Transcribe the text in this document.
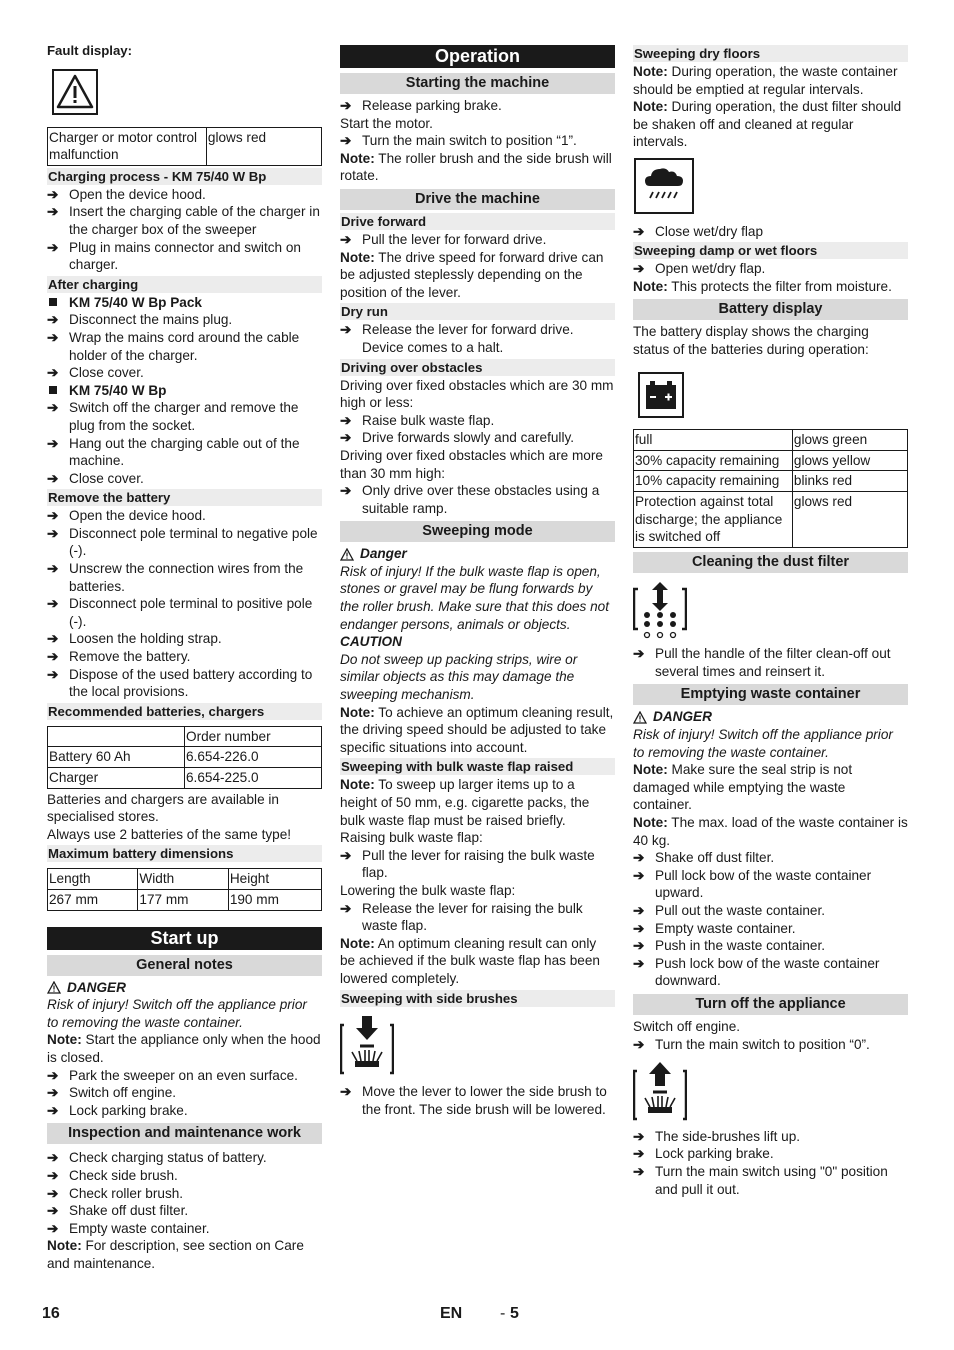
Fault display:

Charger or motor control malfunction	glows red
Charging process - KM 75/40 W Bp
➔ Open the device hood.
➔ Insert the charging cable of the charger in the charger box of the sweeper
➔ Plug in mains connector and switch on charger.
After charging
KM 75/40 W Bp Pack
➔ Disconnect the mains plug.
➔ Wrap the mains cord around the cable holder of the charger.
➔ Close cover.
KM 75/40 W Bp
➔ Switch off the charger and remove the plug from the socket.
➔ Hang out the charging cable out of the machine.
➔ Close cover.
Remove the battery
➔ Open the device hood.
➔ Disconnect pole terminal to negative pole (-).
➔ Unscrew the connection wires from the batteries.
➔ Disconnect pole terminal to positive pole (-).
➔ Loosen the holding strap.
➔ Remove the battery.
➔ Dispose of the used battery according to the local provisions.
Recommended batteries, chargers
	Order number
Battery 60 Ah	6.654-226.0
Charger	6.654-225.0

Batteries and chargers are available in specialised stores.

Always use 2 batteries of the same type!

Maximum battery dimensions
Length	Width	Height
267 mm	177 mm	190 mm
Start up
General notes
DANGER

Risk of injury! Switch off the appliance prior to removing the waste container.

Note: Start the appliance only when the hood is closed.

➔ Park the sweeper on an even surface.
➔ Switch off engine.
➔ Lock parking brake.
Inspection and maintenance work
➔ Check charging status of battery.
➔ Check side brush.
➔ Check roller brush.
➔ Shake off dust filter.
➔ Empty waste container.

Note: For description, see section on Care and maintenance.

Operation
Starting the machine
➔ Release parking brake.

Start the motor.

➔ Turn the main switch to position “1”.

Note: The roller brush and the side brush will rotate.

Drive the machine
Drive forward
➔ Pull the lever for forward drive.

Note: The drive speed for forward drive can be adjusted steplessly depending on the position of the lever.

Dry run
➔ Release the lever for forward drive. Device comes to a halt.
Driving over obstacles

Driving over fixed obstacles which are 30 mm high or less:

➔ Raise bulk waste flap.
➔ Drive forwards slowly and carefully.

Driving over fixed obstacles which are more than 30 mm high:

➔ Only drive over these obstacles using a suitable ramp.
Sweeping mode
Danger

Risk of injury! If the bulk waste flap is open, stones or gravel may be flung forwards by the roller brush. Make sure that this does not endanger persons, animals or objects.

CAUTION

Do not sweep up packing strips, wire or similar objects as this may damage the sweeping mechanism.

Note: To achieve an optimum cleaning result, the driving speed should be adjusted to take specific situations into account.

Sweeping with bulk waste flap raised

Note: To sweep up larger items up to a height of 50 mm, e.g. cigarette packs, the bulk waste flap must be raised briefly.

Raising bulk waste flap:

➔ Pull the lever for raising the bulk waste flap.

Lowering the bulk waste flap:

➔ Release the lever for raising the bulk waste flap.

Note: An optimum cleaning result can only be achieved if the bulk waste flap has been lowered completely.

Sweeping with side brushes
➔ Move the lever to lower the side brush to the front. The side brush will be lowered.
Sweeping dry floors

Note: During operation, the waste container should be emptied at regular intervals.

Note: During operation, the dust filter should be shaken off and cleaned at regular intervals.

➔ Close wet/dry flap
Sweeping damp or wet floors
➔ Open wet/dry flap.

Note: This protects the filter from moisture.

Battery display

The battery display shows the charging status of the batteries during operation:

full	glows green
30% capacity remaining	glows yellow
10% capacity remaining	blinks red
Protection against total discharge; the appliance is switched off	glows red
Cleaning the dust filter
➔ Pull the handle of the filter clean-off out several times and reinsert it.
Emptying waste container
DANGER

Risk of injury! Switch off the appliance prior to removing the waste container.

Note: Make sure the seal strip is not damaged while emptying the waste container.

Note: The max. load of the waste container is 40 kg.

➔ Shake off dust filter.
➔ Pull lock bow of the waste container upward.
➔ Pull out the waste container.
➔ Empty waste container.
➔ Push in the waste container.
➔ Push lock bow of the waste container downward.
Turn off the appliance

Switch off engine.

➔ Turn the main switch to position “0”.
➔ The side-brushes lift up.
➔ Lock parking brake.
➔ Turn the main switch using "0" position and pull it out.
16	EN - 5
